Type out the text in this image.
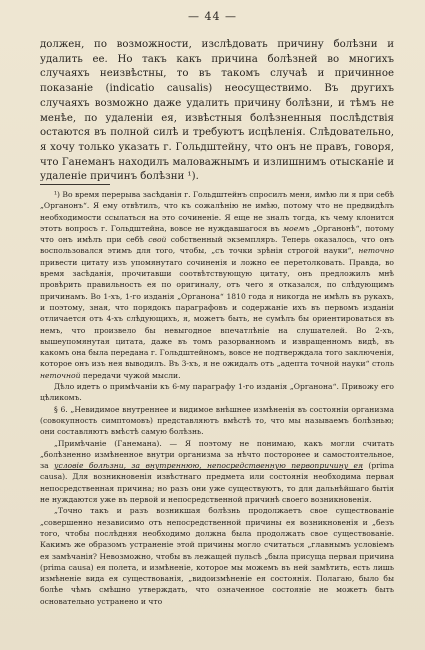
— 44 —

должен, по возможности, изслѣдовать причину болѣзни и удалить ее. Но такъ какъ причина болѣзней во многихъ случаяхъ неизвѣстны, то въ такомъ случаѣ и причинное показаніе (indicatio causalis) неосуществимо. Въ другихъ случаяхъ возможно даже удалить причину болѣзни, и тѣмъ не менѣе, по удаленіи ея, извѣстныя болѣзненныя послѣдствія остаются въ полной силѣ и требуютъ исцѣленія. Слѣдовательно, я хочу только указать г. Гольдштейну, что онъ не правъ, говоря, что Ганеманъ находилъ маловажнымъ и излишнимъ отысканіе и удаленіе причинъ болѣзни ¹).

¹) Во время перерыва засѣданія г. Гольдштейнъ спросилъ меня, имѣю ли я при себѣ „Органонъ“. Я ему отвѣтилъ, что къ сожалѣнію не имѣю, потому что не предвидѣлъ необходимости ссылаться на это сочиненіе. Я еще не зналъ тогда, къ чему клонится этотъ вопросъ г. Гольдштейна, вовсе не нуждавшагося въ моемъ „Органонѣ“, потому что онъ имѣлъ при себѣ свой собственный экземпляръ. Теперь оказалось, что онъ воспользовался этимъ для того, чтобы, „съ точки зрѣнія строгой науки“, неточно привести цитату изъ упомянутаго сочиненія и ложно ее перетолковать. Правда, во время засѣданія, прочитавши соотвѣтствующую цитату, онъ предложилъ мнѣ провѣрить правильность ея по оригиналу, отъ чего я отказался, по слѣдующимъ причинамъ. Во 1-хъ, 1-го изданія „Органона“ 1810 года я никогда не имѣлъ въ рукахъ, и поэтому, зная, что порядокъ параграфовъ и содержаніе ихъ въ первомъ изданіи отличается отъ 4-хъ слѣдующихъ, я, можетъ быть, не сумѣлъ бы ориентироваться въ немъ, что произвело бы невыгодное впечатлѣніе на слушателей. Во 2-хъ, вышеупомянутая цитата, даже въ томъ разорванномъ и извращенномъ видѣ, въ какомъ она была передана г. Гольдштейномъ, вовсе не подтверждала того заключенія, которое онъ изъ нея выводилъ. Въ 3-хъ, я не ожидалъ отъ „адепта точной науки“ столь неточной передачи чужой мысли.

Дѣло идетъ о примѣчаніи къ 6-му параграфу 1-го изданія „Органона“. Привожу его цѣликомъ.

§ 6. „Невидимое внутреннее и видимое внѣшнее измѣненія въ состояніи организма (совокупность симптомовъ) представляютъ вмѣстѣ то, что мы называемъ болѣзнью; они составляютъ вмѣстѣ самую болѣзнь.

„Примѣчаніе (Ганемана). — Я поэтому не понимаю, какъ могли считать „болѣзненно измѣненное внутри организма за нѣчто посторонее и самостоятельное, за условіе болѣзни, за внутреннюю, непосредственную первопричину ея (prima causa). Для возникновенія извѣстнаго предмета или состоянія необходима первая непосредственная причина; но разъ они уже существуютъ, то для дальнѣйшаго бытія не нуждаются уже въ первой и непосредственной причинѣ своего возникновенія.

„Точно такъ и разъ возникшая болѣзнь продолжаетъ свое существованіе „совершенно независимо отъ непосредственной причины ея возникновенія и „безъ того, чтобы послѣдняя необходимо должна была продолжать свое существованіе. Какимъ же образомъ устраненіе этой причины могло считаться „главнымъ условіемъ ея замѣчанія? Невозможно, чтобы въ лежащей пульсѣ „была присуща первая причина (prima causa) ея полета, и измѣненіе, которое мы можемъ въ ней замѣтить, есть лишь измѣненіе вида ея существованія, „видоизмѣненіе ея состоянія. Полагаю, было бы болѣе чѣмъ смѣшно утверждать, что означенное состояніе не можетъ быть основательно устранено и что
